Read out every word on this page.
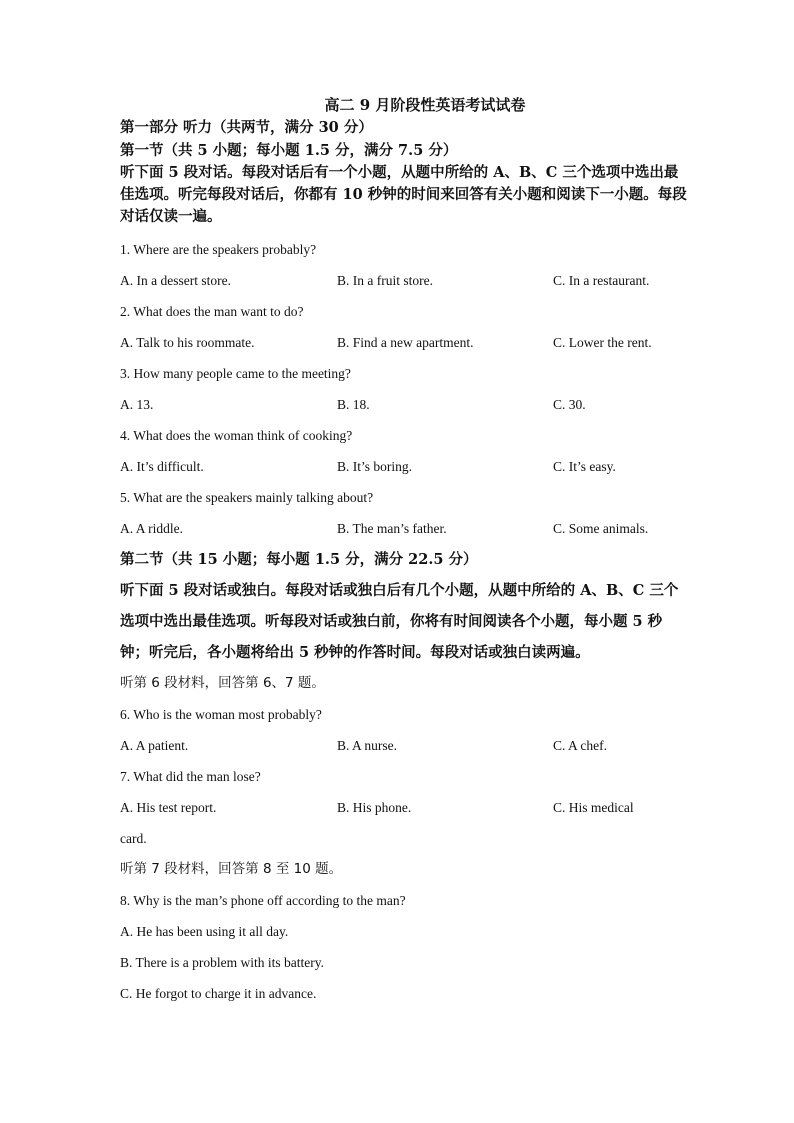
高二 9 月阶段性英语考试试卷
第一部分 听力（共两节，满分 30 分）
第一节（共 5 小题；每小题 1.5 分，满分 7.5 分）
听下面 5 段对话。每段对话后有一个小题，从题中所给的 A、B、C 三个选项中选出最佳选项。听完每段对话后，你都有 10 秒钟的时间来回答有关小题和阅读下一小题。每段对话仅读一遍。
1. Where are the speakers probably?
A. In a dessert store.	B. In a fruit store.	C. In a restaurant.
2. What does the man want to do?
A. Talk to his roommate.	B. Find a new apartment.	C. Lower the rent.
3. How many people came to the meeting?
A. 13.	B. 18.	C. 30.
4. What does the woman think of cooking?
A. It’s difficult.	B. It’s boring.	C. It’s easy.
5. What are the speakers mainly talking about?
A. A riddle.	B. The man’s father.	C. Some animals.
第二节（共 15 小题；每小题 1.5 分，满分 22.5 分）
听下面 5 段对话或独白。每段对话或独白后有几个小题，从题中所给的 A、B、C 三个选项中选出最佳选项。听每段对话或独白前，你将有时间阅读各个小题，每小题 5 秒钟；听完后，各小题将给出 5 秒钟的作答时间。每段对话或独白读两遍。
听第 6 段材料，回答第 6、7 题。
6. Who is the woman most probably?
A. A patient.	B. A nurse.	C. A chef.
7. What did the man lose?
A. His test report.	B. His phone.	C. His medical
card.
听第 7 段材料，回答第 8 至 10 题。
8. Why is the man’s phone off according to the man?
A. He has been using it all day.
B. There is a problem with its battery.
C. He forgot to charge it in advance.
